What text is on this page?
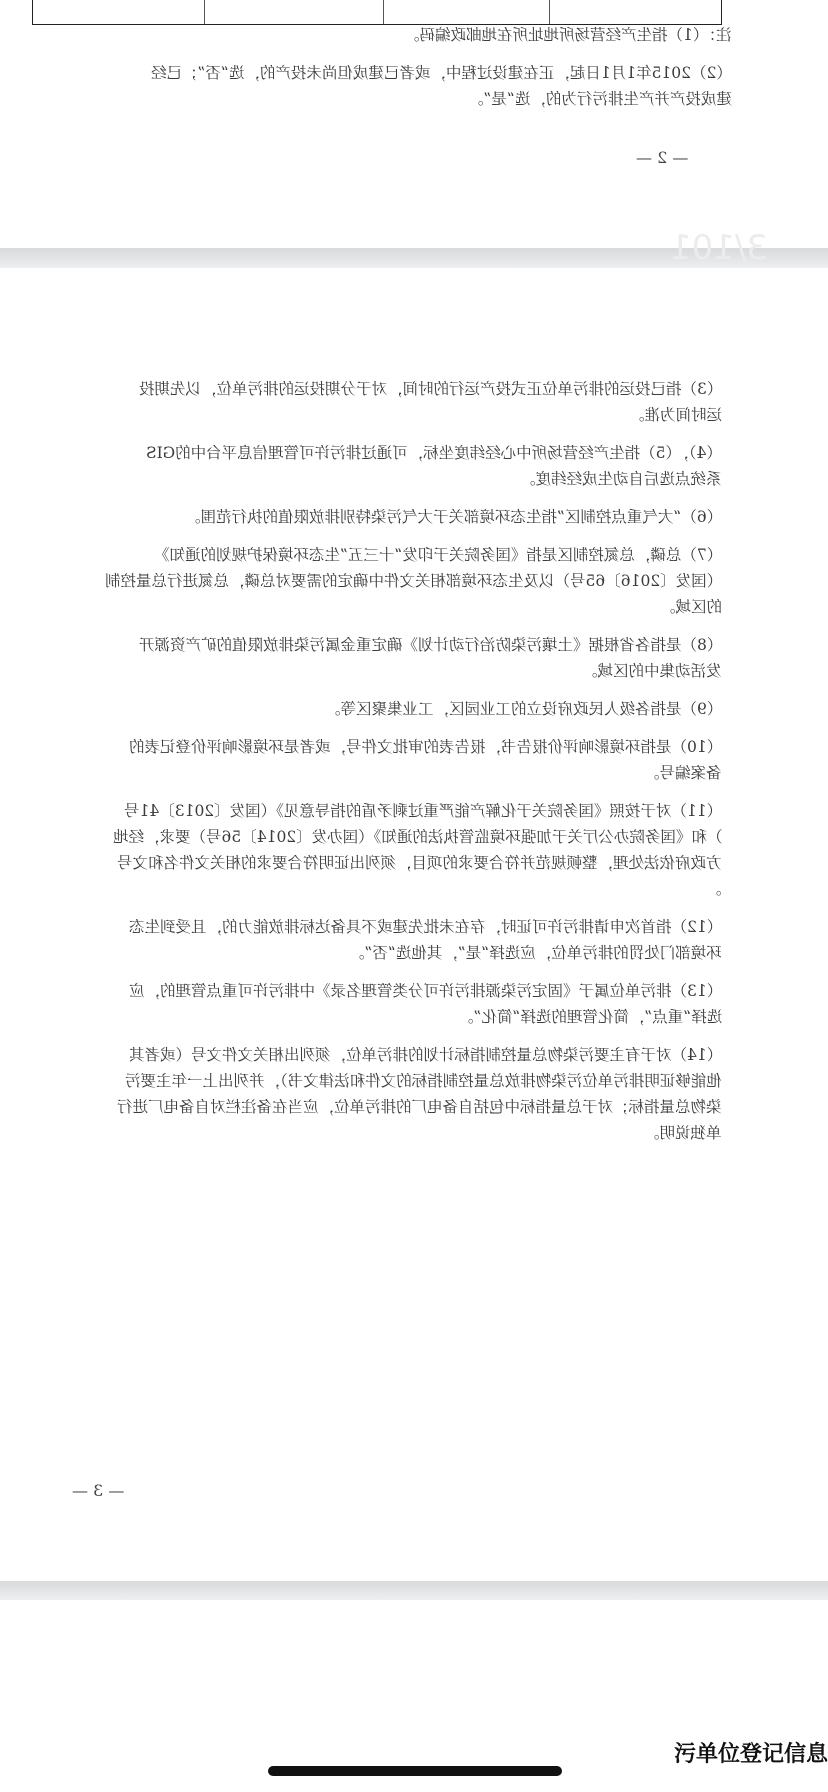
注：（1）指生产经营场所地址所在地邮政编码。
（2）2015年1月1日起，正在建设过程中，或者已建成但尚未投产的，选“否”；已经
建成投产并产生排污行为的，选“是”。
— 2 —
3/101
（3）指已投运的排污单位正式投产运行的时间，对于分期投运的排污单位，以先期投
运时间为准。
（4），（5）指生产经营场所中心经纬度坐标，可通过排污许可管理信息平台中的GIS
系统点选后自动生成经纬度。
（6）“大气重点控制区”指生态环境部关于大气污染特别排放限值的执行范围。
（7）总磷，总氮控制区是指《国务院关于印发“十三五”生态环境保护规划的通知》
（国发〔2016〕65号）以及生态环境部相关文件中确定的需要对总磷，总氮进行总量控制
的区域。
（8）是指各省根据《土壤污染防治行动计划》确定重金属污染排放限值的矿产资源开
发活动集中的区域。
（9）是指各级人民政府设立的工业园区，工业集聚区等。
（10）是指环境影响评价报告书，报告表的审批文件号，或者是环境影响评价登记表的
备案编号。
（11）对于按照《国务院关于化解产能严重过剩矛盾的指导意见》（国发〔2013〕41号
）和《国务院办公厅关于加强环境监管执法的通知》（国办发〔2014〕56号）要求，经地
方政府依法处理，整顿规范并符合要求的项目，须列出证明符合要求的相关文件名和文号
。
（12）指首次申请排污许可证时，存在未批先建或不具备达标排放能力的，且受到生态
环境部门处罚的排污单位，应选择“是”，其他选“否”。
（13）排污单位属于《固定污染源排污许可分类管理名录》中排污许可重点管理的，应
选择“重点”，简化管理的选择“简化”。
（14）对于有主要污染物总量控制指标计划的排污单位，须列出相关文件文号（或者其
他能够证明排污单位污染物排放总量控制指标的文件和法律文书），并列出上一年主要污
染物总量指标；对于总量指标中包括自备电厂的排污单位，应当在备注栏对自备电厂进行
单独说明。
— 3 —
污单位登记信息
